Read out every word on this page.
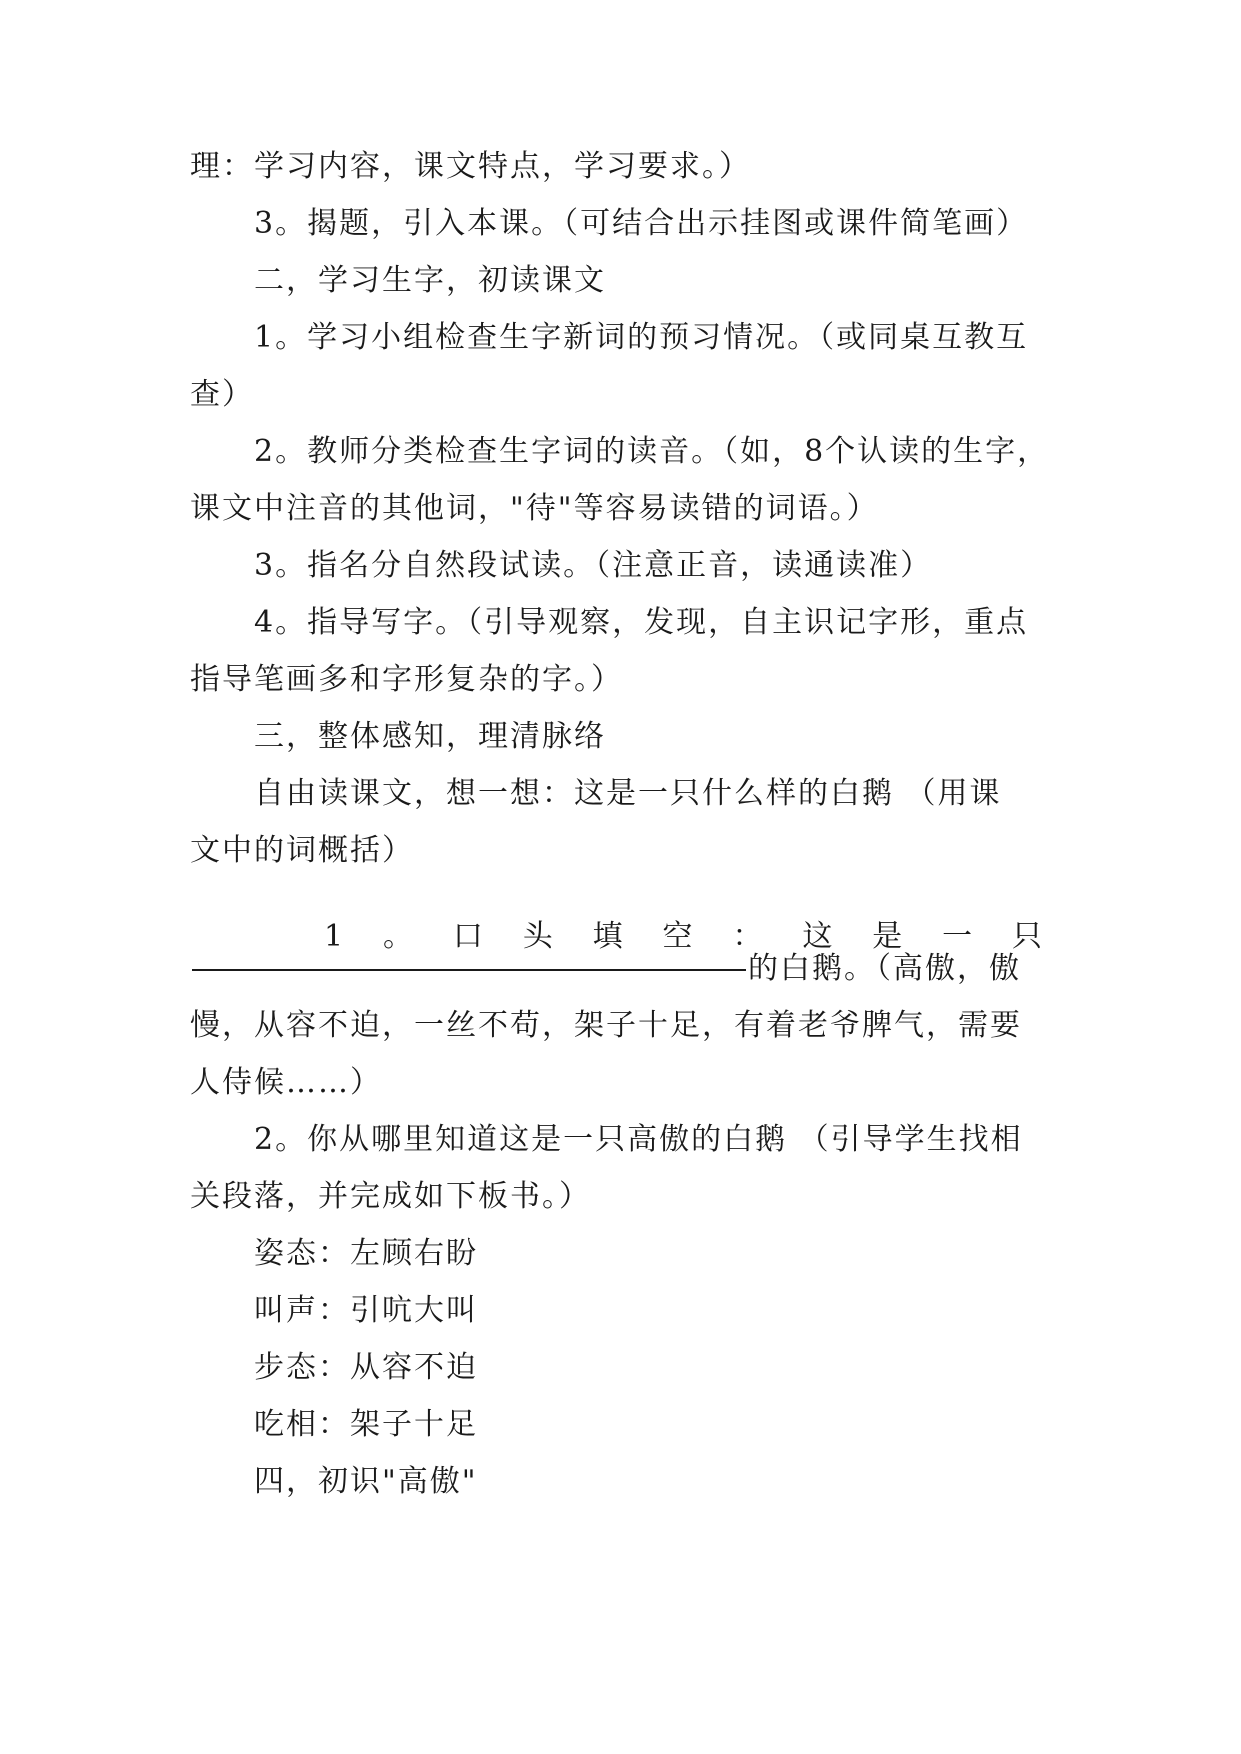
理：学习内容，课文特点，学习要求。）

3。揭题，引入本课。（可结合出示挂图或课件简笔画）

二，学习生字，初读课文

1。学习小组检查生字新词的预习情况。（或同桌互教互

查）

2。教师分类检查生字词的读音。（如，8个认读的生字，

课文中注音的其他词，"待"等容易读错的词语。）

3。指名分自然段试读。（注意正音，读通读准）

4。指导写字。（引导观察，发现，自主识记字形，重点

指导笔画多和字形复杂的字。）

三，整体感知，理清脉络

自由读课文，想一想：这是一只什么样的白鹅 （用课

文中的词概括）

1 。 口 头 填 空 ： 这 是 一 只

的白鹅。（高傲，傲

慢，从容不迫，一丝不苟，架子十足，有着老爷脾气，需要

人侍候……）

2。你从哪里知道这是一只高傲的白鹅 （引导学生找相

关段落，并完成如下板书。）

姿态：左顾右盼

叫声：引吭大叫

步态：从容不迫

吃相：架子十足

四，初识"高傲"
